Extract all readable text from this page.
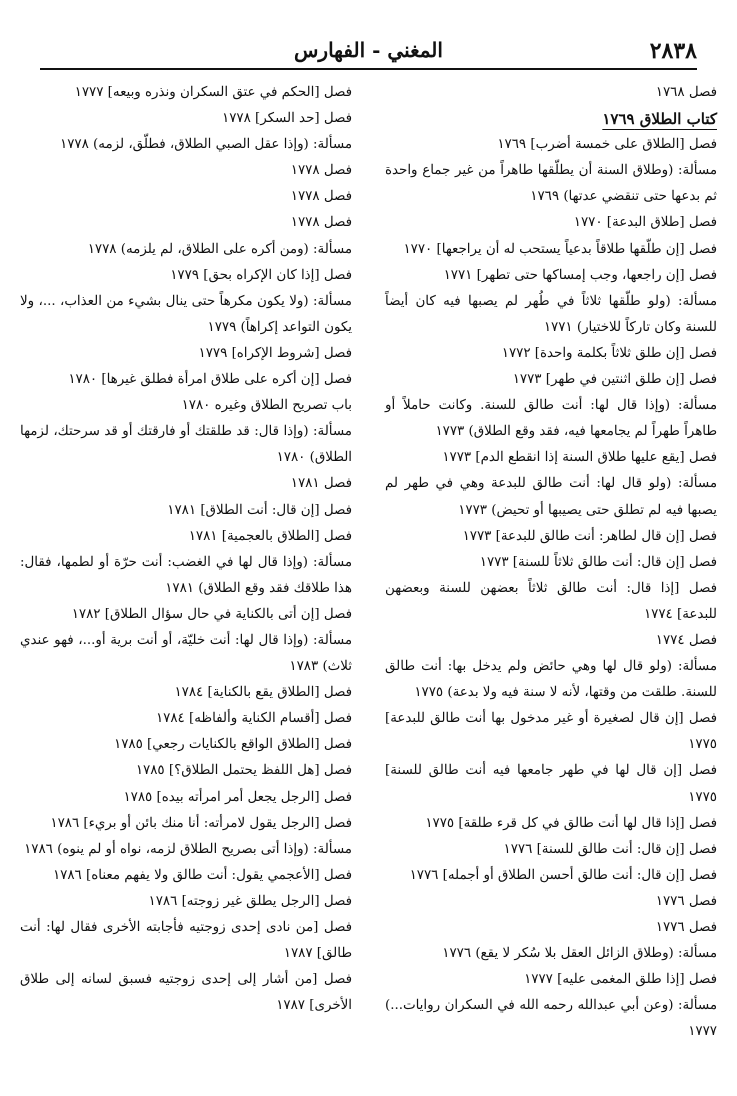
٢٨٣٨
المغني - الفهارس

فصل ١٧٦٨

كتاب الطلاق ١٧٦٩

فصل [الطلاق على خمسة أضرب] ١٧٦٩

مسألة: (وطلاق السنة أن يطلّقها طاهراً من غير جماع واحدة ثم بدعها حتى تنقضي عدتها) ١٧٦٩

فصل [طلاق البدعة] ١٧٧٠

فصل [إن طلّقها طلاقاً بدعياً يستحب له أن يراجعها] ١٧٧٠

فصل [إن راجعها، وجب إمساكها حتى تطهر] ١٧٧١

مسألة: (ولو طلّقها ثلاثاً في طُهر لم يصبها فيه كان أيضاً للسنة وكان تاركاً للاختيار) ١٧٧١

فصل [إن طلق ثلاثاً بكلمة واحدة] ١٧٧٢

فصل [إن طلق اثنتين في طهر] ١٧٧٣

مسألة: (وإذا قال لها: أنت طالق للسنة. وكانت حاملاً أو طاهراً طهراً لم يجامعها فيه، فقد وقع الطلاق) ١٧٧٣

فصل [يقع عليها طلاق السنة إذا انقطع الدم] ١٧٧٣

مسألة: (ولو قال لها: أنت طالق للبدعة وهي في طهر لم يصبها فيه لم تطلق حتى يصيبها أو تحيض) ١٧٧٣

فصل [إن قال لطاهر: أنت طالق للبدعة] ١٧٧٣

فصل [إن قال: أنت طالق ثلاثاً للسنة] ١٧٧٣

فصل [إذا قال: أنت طالق ثلاثاً بعضهن للسنة وبعضهن للبدعة] ١٧٧٤

فصل ١٧٧٤

مسألة: (ولو قال لها وهي حائض ولم يدخل بها: أنت طالق للسنة. طلقت من وقتها، لأنه لا سنة فيه ولا بدعة) ١٧٧٥

فصل [إن قال لصغيرة أو غير مدخول بها أنت طالق للبدعة] ١٧٧٥

فصل [إن قال لها في طهر جامعها فيه أنت طالق للسنة] ١٧٧٥

فصل [إذا قال لها أنت طالق في كل قرء طلقة] ١٧٧٥

فصل [إن قال: أنت طالق للسنة] ١٧٧٦

فصل [إن قال: أنت طالق أحسن الطلاق أو أجمله] ١٧٧٦

فصل ١٧٧٦

فصل ١٧٧٦

مسألة: (وطلاق الزائل العقل بلا سُكر لا يقع) ١٧٧٦

فصل [إذا طلق المغمى عليه] ١٧٧٧

مسألة: (وعن أبي عبدالله رحمه الله في السكران روايات...) ١٧٧٧

فصل [الحكم في عتق السكران ونذره وبيعه] ١٧٧٧

فصل [حد السكر] ١٧٧٨

مسألة: (وإذا عقل الصبي الطلاق، فطلّق، لزمه) ١٧٧٨

فصل ١٧٧٨

فصل ١٧٧٨

فصل ١٧٧٨

مسألة: (ومن أكره على الطلاق، لم يلزمه) ١٧٧٨

فصل [إذا كان الإكراه بحق] ١٧٧٩

مسألة: (ولا يكون مكرهاً حتى ينال بشيء من العذاب، ...، ولا يكون التواعد إكراهاً) ١٧٧٩

فصل [شروط الإكراه] ١٧٧٩

فصل [إن أكره على طلاق امرأة فطلق غيرها] ١٧٨٠

باب تصريح الطلاق وغيره ١٧٨٠

مسألة: (وإذا قال: قد طلقتك أو فارقتك أو قد سرحتك، لزمها الطلاق) ١٧٨٠

فصل ١٧٨١

فصل [إن قال: أنت الطلاق] ١٧٨١

فصل [الطلاق بالعجمية] ١٧٨١

مسألة: (وإذا قال لها في الغضب: أنت حرّة أو لطمها، فقال: هذا طلاقك فقد وقع الطلاق) ١٧٨١

فصل [إن أتى بالكناية في حال سؤال الطلاق] ١٧٨٢

مسألة: (وإذا قال لها: أنت خليّة، أو أنت برية أو...، فهو عندي ثلاث) ١٧٨٣

فصل [الطلاق يقع بالكناية] ١٧٨٤

فصل [أقسام الكناية وألفاظه] ١٧٨٤

فصل [الطلاق الواقع بالكنايات رجعي] ١٧٨٥

فصل [هل اللفظ يحتمل الطلاق؟] ١٧٨٥

فصل [الرجل يجعل أمر امرأته بيده] ١٧٨٥

فصل [الرجل يقول لامرأته: أنا منك بائن أو بريء] ١٧٨٦

مسألة: (وإذا أتى بصريح الطلاق لزمه، نواه أو لم ينوه) ١٧٨٦

فصل [الأعجمي يقول: أنت طالق ولا يفهم معناه] ١٧٨٦

فصل [الرجل يطلق غير زوجته] ١٧٨٦

فصل [من نادى إحدى زوجتيه فأجابته الأخرى فقال لها: أنت طالق] ١٧٨٧

فصل [من أشار إلى إحدى زوجتيه فسبق لسانه إلى طلاق الأخرى] ١٧٨٧
